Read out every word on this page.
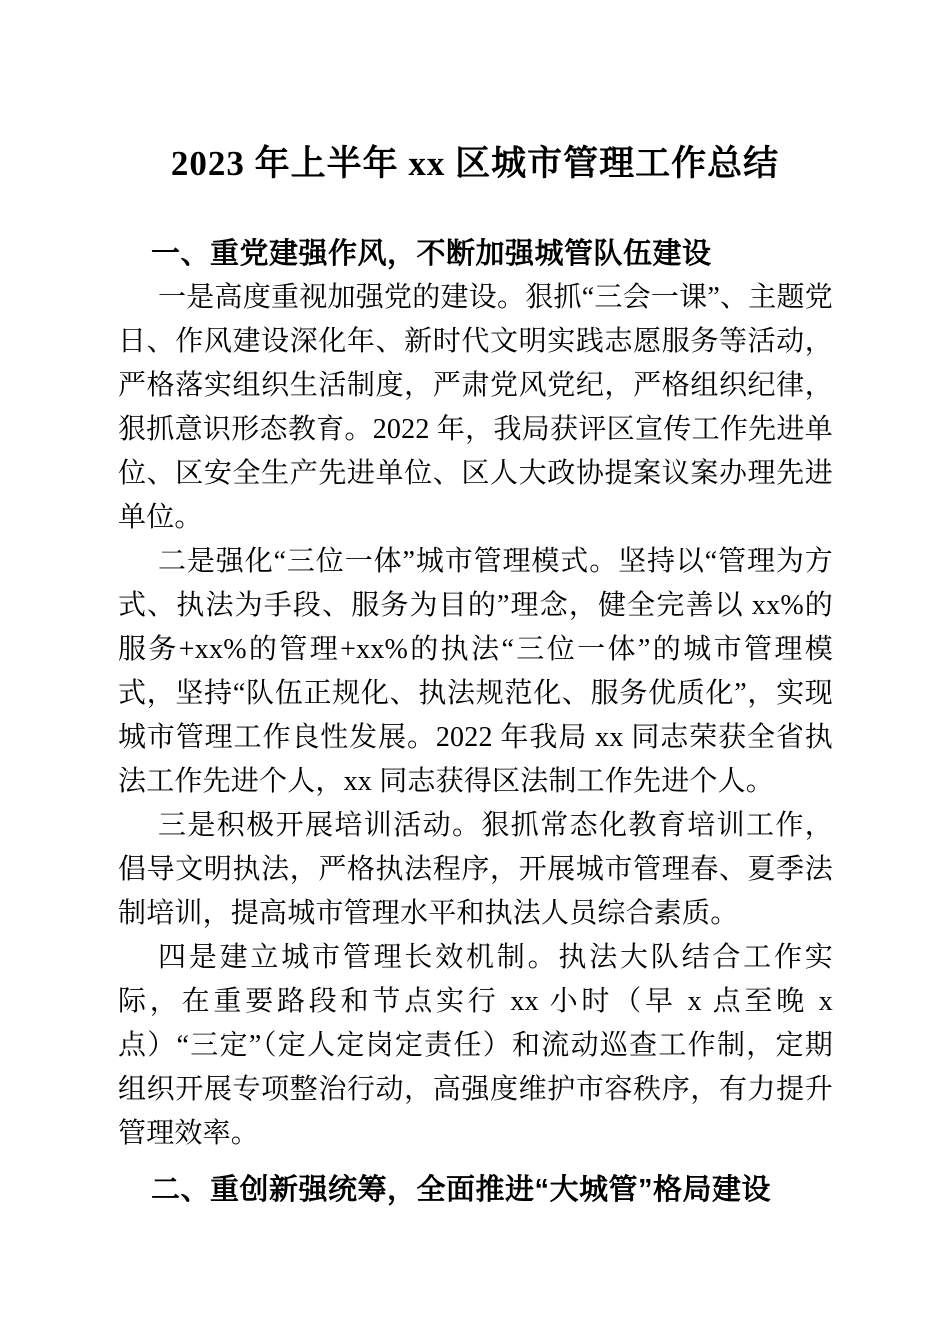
2023 年上半年 xx 区城市管理工作总结
一、重党建强作风，不断加强城管队伍建设

一是高度重视加强党的建设。狠抓“三会一课”、主题党日、作风建设深化年、新时代文明实践志愿服务等活动，严格落实组织生活制度，严肃党风党纪，严格组织纪律，狠抓意识形态教育。2022 年，我局获评区宣传工作先进单位、区安全生产先进单位、区人大政协提案议案办理先进单位。

二是强化“三位一体”城市管理模式。坚持以“管理为方式、执法为手段、服务为目的”理念，健全完善以 xx%的服务+xx%的管理+xx%的执法“三位一体”的城市管理模式，坚持“队伍正规化、执法规范化、服务优质化”，实现城市管理工作良性发展。2022 年我局 xx 同志荣获全省执法工作先进个人，xx 同志获得区法制工作先进个人。

三是积极开展培训活动。狠抓常态化教育培训工作，倡导文明执法，严格执法程序，开展城市管理春、夏季法制培训，提高城市管理水平和执法人员综合素质。

四是建立城市管理长效机制。执法大队结合工作实际，在重要路段和节点实行 xx 小时（早 x 点至晚 x 点）“三定”（定人定岗定责任）和流动巡查工作制，定期组织开展专项整治行动，高强度维护市容秩序，有力提升管理效率。

二、重创新强统筹，全面推进“大城管”格局建设
